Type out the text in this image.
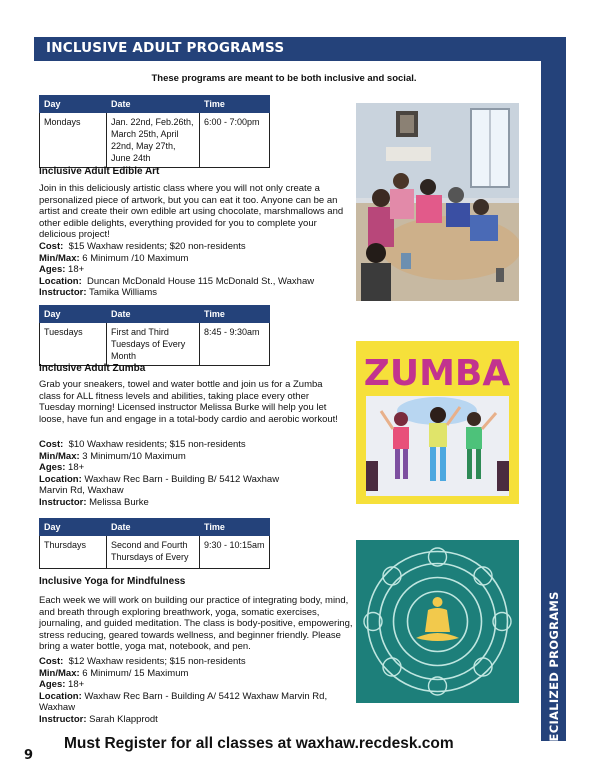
INCLUSIVE ADULT PROGRAMSS
SPECIALIZED PROGRAMS
These programs are meant to be both inclusive and social.
Day	Date	Time
Mondays	Jan. 22nd, Feb.26th, March 25th, April 22nd, May 27th, June 24th	6:00 - 7:00pm
Inclusive Adult Edible Art
Join in this deliciously artistic class where you will not only create a personalized piece of artwork, but you can eat it too. Anyone can be an artist and create their own edible art using chocolate, marshmallows and other edible delights, everything provided for you to complete your delicious project!
Cost: $15 Waxhaw residents; $20 non-residents
Min/Max: 6 Minimum /10 Maximum
Ages: 18+
Location: Duncan McDonald House 115 McDonald St., Waxhaw
Instructor: Tamika Williams
Day	Date	Time
Tuesdays	First and Third Tuesdays of Every Month	8:45 - 9:30am
Inclusive Adult Zumba
Grab your sneakers, towel and water bottle and join us for a Zumba class for ALL fitness levels and abilities, taking place every other Tuesday morning! Licensed instructor Melissa Burke will help you let loose, have fun and engage in a total-body cardio and aerobic workout!
Cost: $10 Waxhaw residents; $15 non-residents
Min/Max: 3 Minimum/10 Maximum
Ages: 18+
Location: Waxhaw Rec Barn - Building B/ 5412 Waxhaw Marvin Rd, Waxhaw
Instructor: Melissa Burke
ZUMBA
Day	Date	Time
Thursdays	Second and Fourth Thursdays of Every	9:30 - 10:15am
Inclusive Yoga for Mindfulness
Each week we will work on building our practice of integrating body, mind, and breath through exploring breathwork, yoga, somatic exercises, journaling, and guided meditation. The class is body-positive, empowering, stress reducing, geared towards wellness, and beginner friendly. Please bring a water bottle, yoga mat, notebook, and pen.
Cost: $12 Waxhaw residents; $15 non-residents
Min/Max: 6 Minimum/ 15 Maximum
Ages: 18+
Location: Waxhaw Rec Barn - Building A/ 5412 Waxhaw Marvin Rd, Waxhaw
Instructor: Sarah Klapprodt
9
Must Register for all classes at waxhaw.recdesk.com
